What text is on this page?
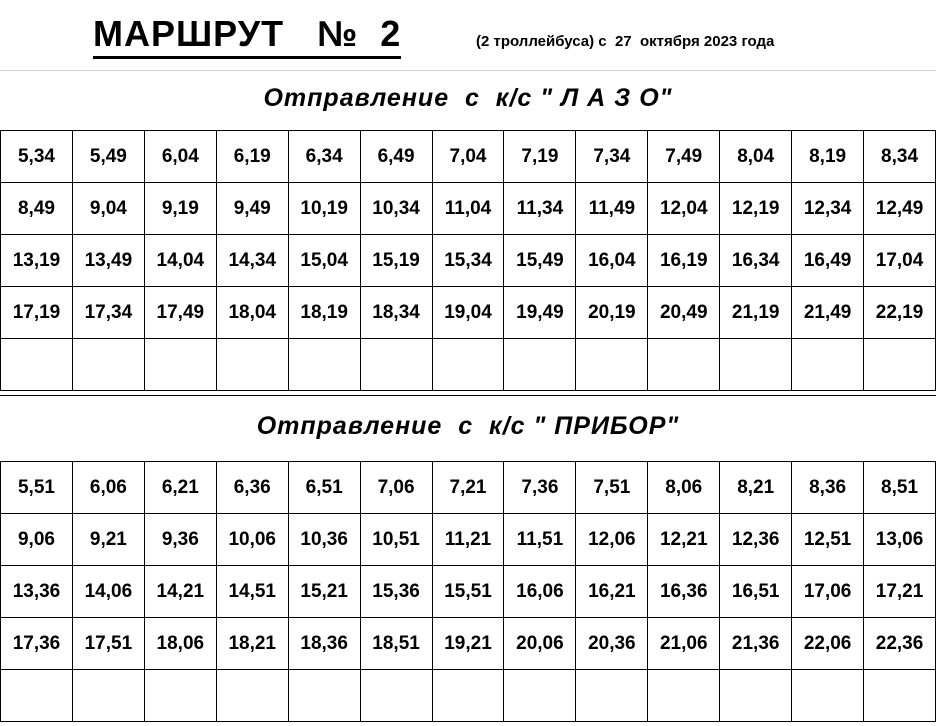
МАРШРУТ   №  2	(2 троллейбуса) с  27  октября 2023 года
Отправление  с  к/с " Л А З О"
5,34	5,49	6,04	6,19	6,34	6,49	7,04	7,19	7,34	7,49	8,04	8,19	8,34
8,49	9,04	9,19	9,49	10,19	10,34	11,04	11,34	11,49	12,04	12,19	12,34	12,49
13,19	13,49	14,04	14,34	15,04	15,19	15,34	15,49	16,04	16,19	16,34	16,49	17,04
17,19	17,34	17,49	18,04	18,19	18,34	19,04	19,49	20,19	20,49	21,19	21,49	22,19

Отправление  с  к/с " ПРИБОР"
5,51	6,06	6,21	6,36	6,51	7,06	7,21	7,36	7,51	8,06	8,21	8,36	8,51
9,06	9,21	9,36	10,06	10,36	10,51	11,21	11,51	12,06	12,21	12,36	12,51	13,06
13,36	14,06	14,21	14,51	15,21	15,36	15,51	16,06	16,21	16,36	16,51	17,06	17,21
17,36	17,51	18,06	18,21	18,36	18,51	19,21	20,06	20,36	21,06	21,36	22,06	22,36
